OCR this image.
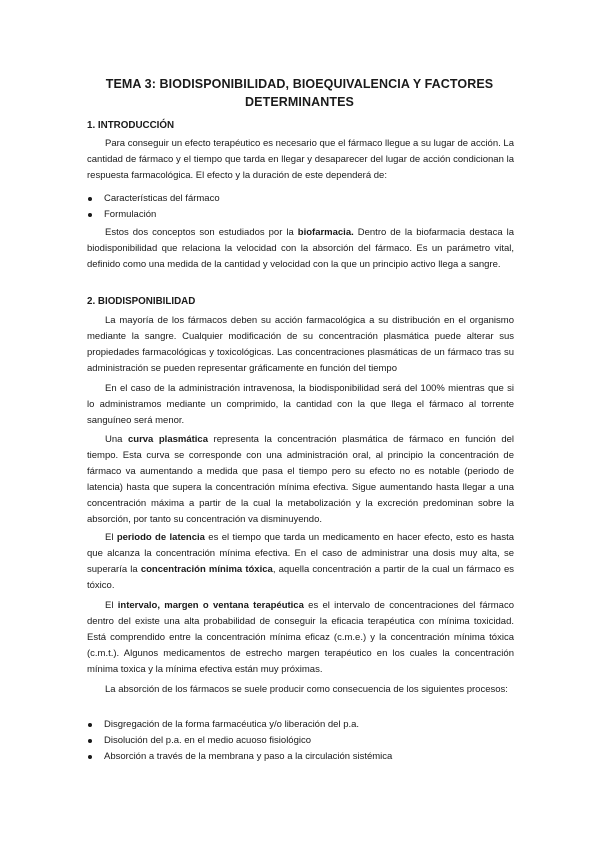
TEMA 3: BIODISPONIBILIDAD, BIOEQUIVALENCIA Y FACTORES
DETERMINANTES
1. INTRODUCCIÓN
Para conseguir un efecto terapéutico es necesario que el fármaco llegue a su lugar de acción. La cantidad de fármaco y el tiempo que tarda en llegar y desaparecer del lugar de acción condicionan la respuesta farmacológica. El efecto y la duración de este dependerá de:
Características del fármaco
Formulación
Estos dos conceptos son estudiados por la biofarmacia. Dentro de la biofarmacia destaca la biodisponibilidad que relaciona la velocidad con la absorción del fármaco. Es un parámetro vital, definido como una medida de la cantidad y velocidad con la que un principio activo llega a sangre.
2. BIODISPONIBILIDAD
La mayoría de los fármacos deben su acción farmacológica a su distribución en el organismo mediante la sangre. Cualquier modificación de su concentración plasmática puede alterar sus propiedades farmacológicas y toxicológicas. Las concentraciones plasmáticas de un fármaco tras su administración se pueden representar gráficamente en función del tiempo
En el caso de la administración intravenosa, la biodisponibilidad será del 100% mientras que si lo administramos mediante un comprimido, la cantidad con la que llega el fármaco al torrente sanguíneo será menor.
Una curva plasmática representa la concentración plasmática de fármaco en función del tiempo. Esta curva se corresponde con una administración oral, al principio la concentración de fármaco va aumentando a medida que pasa el tiempo pero su efecto no es notable (periodo de latencia) hasta que supera la concentración mínima efectiva. Sigue aumentando hasta llegar a una concentración máxima a partir de la cual la metabolización y la excreción predominan sobre la absorción, por tanto su concentración va disminuyendo.
El periodo de latencia es el tiempo que tarda un medicamento en hacer efecto, esto es hasta que alcanza la concentración mínima efectiva. En el caso de administrar una dosis muy alta, se superaría la concentración mínima tóxica, aquella concentración a partir de la cual un fármaco es tóxico.
El intervalo, margen o ventana terapéutica es el intervalo de concentraciones del fármaco dentro del existe una alta probabilidad de conseguir la eficacia terapéutica con mínima toxicidad. Está comprendido entre la concentración mínima eficaz (c.m.e.) y la concentración mínima tóxica (c.m.t.). Algunos medicamentos de estrecho margen terapéutico en los cuales la concentración mínima toxica y la mínima efectiva están muy próximas.
La absorción de los fármacos se suele producir como consecuencia de los siguientes procesos:
Disgregación de la forma farmacéutica y/o liberación del p.a.
Disolución del p.a. en el medio acuoso fisiológico
Absorción a través de la membrana y paso a la circulación sistémica
